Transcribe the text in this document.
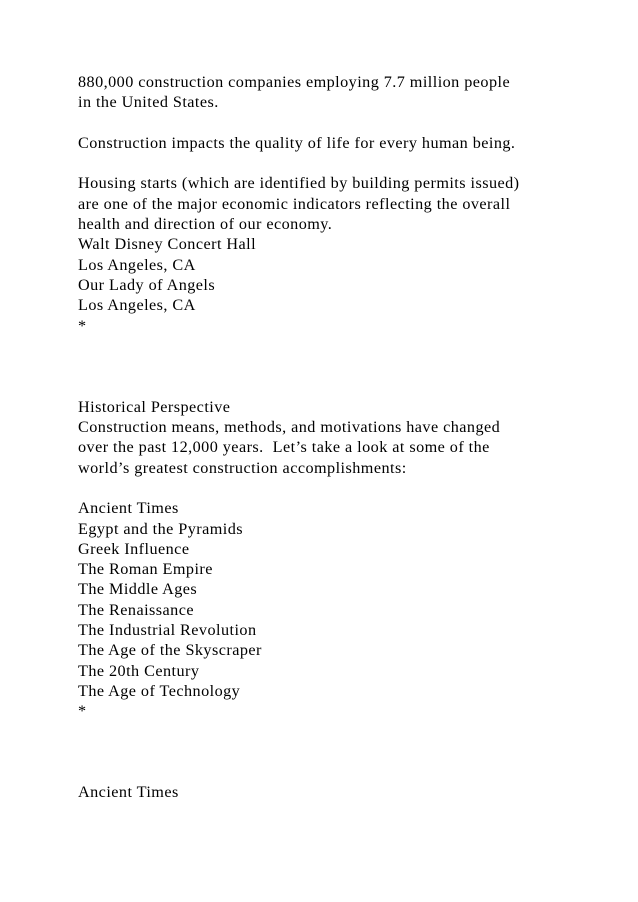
880,000 construction companies employing 7.7 million people
in the United States.
Construction impacts the quality of life for every human being.
Housing starts (which are identified by building permits issued)
are one of the major economic indicators reflecting the overall
health and direction of our economy.
Walt Disney Concert Hall
Los Angeles, CA
Our Lady of Angels
Los Angeles, CA
*
Historical Perspective
Construction means, methods, and motivations have changed
over the past 12,000 years.  Let’s take a look at some of the
world’s greatest construction accomplishments:
Ancient Times
Egypt and the Pyramids
Greek Influence
The Roman Empire
The Middle Ages
The Renaissance
The Industrial Revolution
The Age of the Skyscraper
The 20th Century
The Age of Technology
*
Ancient Times
